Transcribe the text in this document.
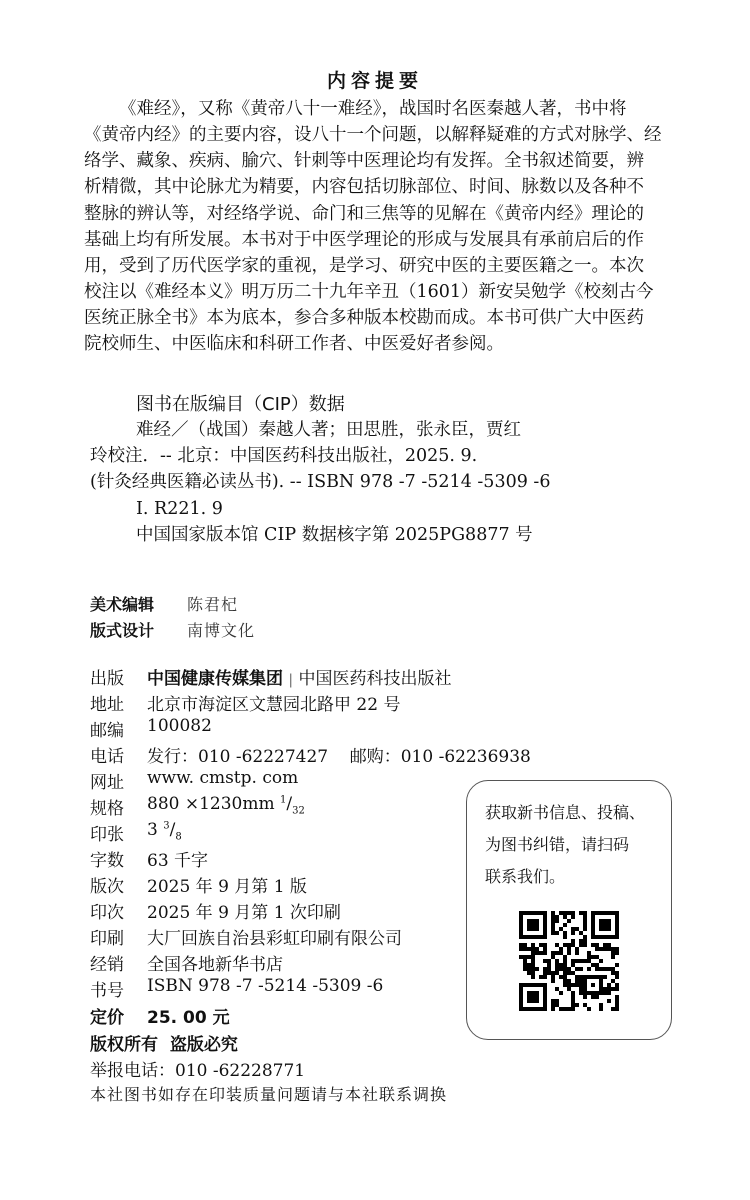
内容提要
《难经》，又称《黄帝八十一难经》，战国时名医秦越人著，书中将
《黄帝内经》的主要内容，设八十一个问题，以解释疑难的方式对脉学、经
络学、藏象、疾病、腧穴、针刺等中医理论均有发挥。全书叙述简要，辨
析精微，其中论脉尤为精要，内容包括切脉部位、时间、脉数以及各种不
整脉的辨认等，对经络学说、命门和三焦等的见解在《黄帝内经》理论的
基础上均有所发展。本书对于中医学理论的形成与发展具有承前启后的作
用，受到了历代医学家的重视，是学习、研究中医的主要医籍之一。本次
校注以《难经本义》明万历二十九年辛丑（1601）新安吴勉学《校刻古今
医统正脉全书》本为底本，参合多种版本校勘而成。本书可供广大中医药
院校师生、中医临床和科研工作者、中医爱好者参阅。
图书在版编目（CIP）数据
难经／（战国）秦越人著；田思胜，张永臣，贾红
玲校注．-- 北京：中国医药科技出版社，2025. 9.
(针灸经典医籍必读丛书). -- ISBN 978 -7 -5214 -5309 -6
Ⅰ. R221. 9
中国国家版本馆 CIP 数据核字第 2025PG8877 号
美术编辑 陈君杞
版式设计 南博文化
出版 中国健康传媒集团 | 中国医药科技出版社
地址 北京市海淀区文慧园北路甲 22 号
邮编 100082
电话 发行：010 -62227427    邮购：010 -62236938
网址 www. cmstp. com
规格 880 ×1230mm $^1/_{32}$
印张 3 $^3/_8$
字数 63 千字
版次 2025 年 9 月第 1 版
印次 2025 年 9 月第 1 次印刷
印刷 大厂回族自治县彩虹印刷有限公司
经销 全国各地新华书店
书号 ISBN 978 -7 -5214 -5309 -6
定价 25. 00 元
版权所有  盗版必究
举报电话：010 -62228771
本社图书如存在印装质量问题请与本社联系调换
获取新书信息、投稿、
为图书纠错，请扫码
联系我们。
